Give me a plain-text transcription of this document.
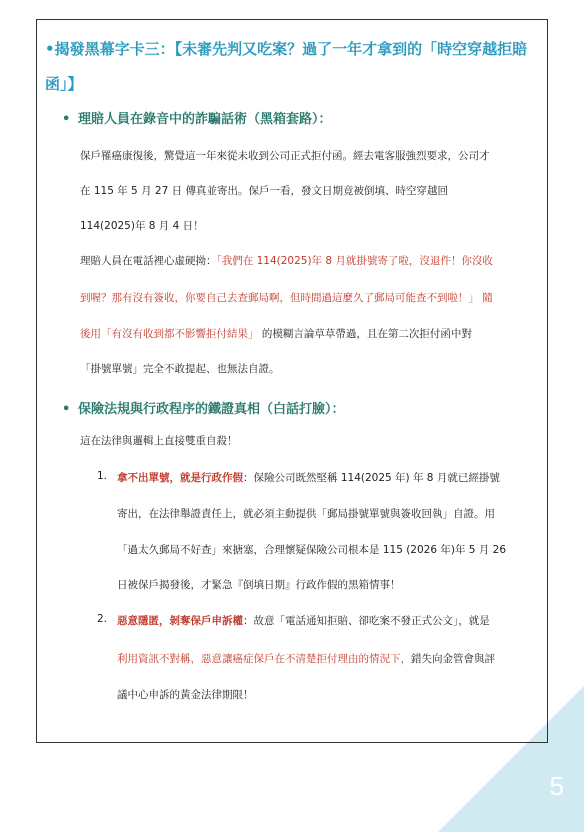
5
•揭發黑幕字卡三：【未審先判又吃案？過了一年才拿到的「時空穿越拒賠
函」】
• 理賠人員在錄音中的詐騙話術（黑箱套路）：
保戶罹癌康復後，驚覺這一年來從未收到公司正式拒付函。經去電客服強烈要求，公司才
在 115 年 5 月 27 日 傳真並寄出。保戶一看，發文日期竟被倒填、時空穿越回
114(2025)年 8 月 4 日！
理賠人員在電話裡心虛硬拗：「我們在 114(2025)年 8 月就掛號寄了啦，沒退件！你沒收
到喔？那有沒有簽收，你要自己去查郵局啊，但時間過這麼久了郵局可能查不到啦！」 隨
後用「有沒有收到都不影響拒付結果」 的模糊言論草草帶過，且在第二次拒付函中對
「掛號單號」完全不敢提起、也無法自證。
• 保險法規與行政程序的鐵證真相（白話打臉）：
這在法律與邏輯上直接雙重自殺！
1. 拿不出單號，就是行政作假：保險公司既然堅稱 114(2025 年) 年 8 月就已經掛號
寄出，在法律舉證責任上，就必須主動提供「郵局掛號單號與簽收回執」自證。用
「過太久郵局不好查」來搪塞，合理懷疑保險公司根本是 115 (2026 年)年 5 月 26
日被保戶揭發後，才緊急『倒填日期』行政作假的黑箱情事！
2. 惡意隱匿，剝奪保戶申訴權：故意「電話通知拒賠、卻吃案不發正式公文」，就是
利用資訊不對稱，惡意讓癌症保戶在不清楚拒付理由的情況下，錯失向金管會與評
議中心申訴的黃金法律期限！
